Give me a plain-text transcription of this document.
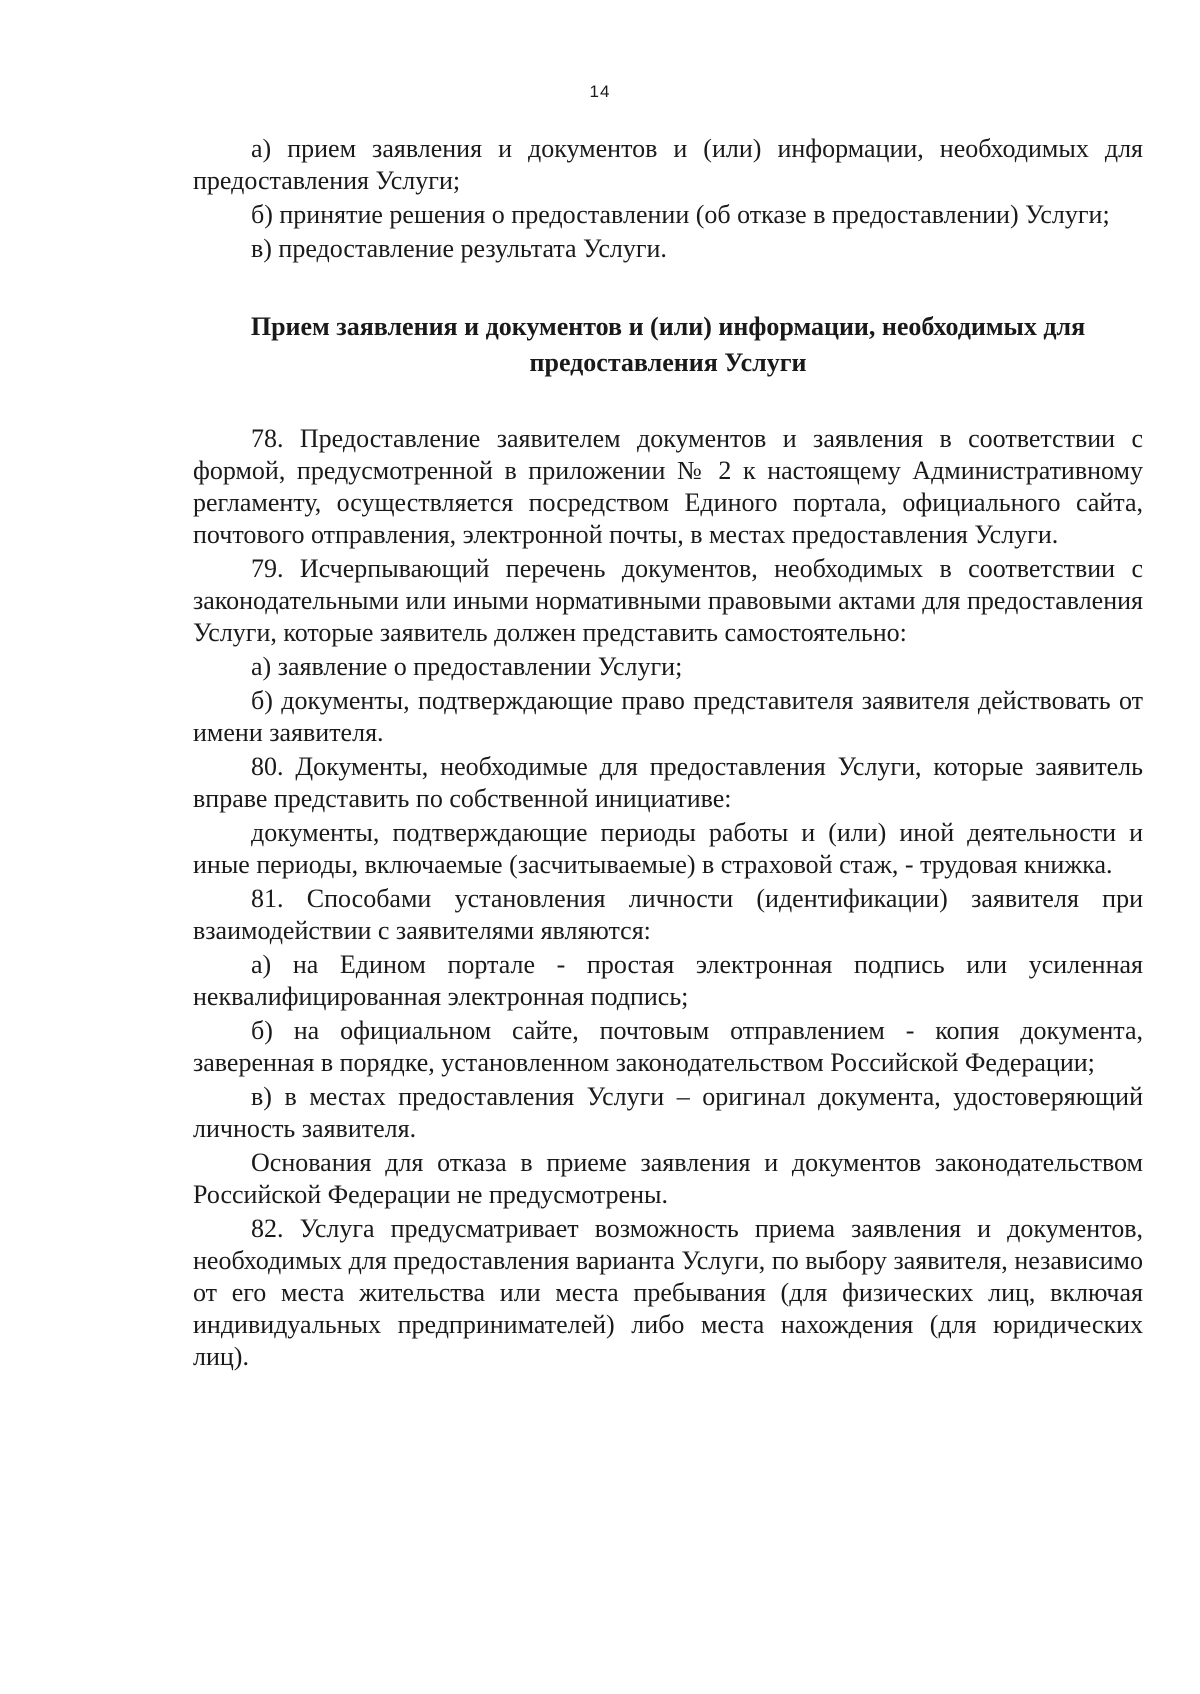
14

а) прием заявления и документов и (или) информации, необходимых для предоставления Услуги;

б) принятие решения о предоставлении (об отказе в предоставлении) Услуги;

в) предоставление результата Услуги.

Прием заявления и документов и (или) информации, необходимых для
предоставления Услуги

78. Предоставление заявителем документов и заявления в соответствии с формой, предусмотренной в приложении № 2 к настоящему Административному регламенту, осуществляется посредством Единого портала, официального сайта, почтового отправления, электронной почты, в местах предоставления Услуги.

79. Исчерпывающий перечень документов, необходимых в соответствии с законодательными или иными нормативными правовыми актами для предоставления Услуги, которые заявитель должен представить самостоятельно:

а) заявление о предоставлении Услуги;

б) документы, подтверждающие право представителя заявителя действовать от имени заявителя.

80. Документы, необходимые для предоставления Услуги, которые заявитель вправе представить по собственной инициативе:

документы, подтверждающие периоды работы и (или) иной деятельности и иные периоды, включаемые (засчитываемые) в страховой стаж, - трудовая книжка.

81. Способами установления личности (идентификации) заявителя при взаимодействии с заявителями являются:

а) на Едином портале - простая электронная подпись или усиленная неквалифицированная электронная подпись;

б) на официальном сайте, почтовым отправлением - копия документа, заверенная в порядке, установленном законодательством Российской Федерации;

в) в местах предоставления Услуги – оригинал документа, удостоверяющий личность заявителя.

Основания для отказа в приеме заявления и документов законодательством Российской Федерации не предусмотрены.

82. Услуга предусматривает возможность приема заявления и документов, необходимых для предоставления варианта Услуги, по выбору заявителя, независимо от его места жительства или места пребывания (для физических лиц, включая индивидуальных предпринимателей) либо места нахождения (для юридических лиц).
